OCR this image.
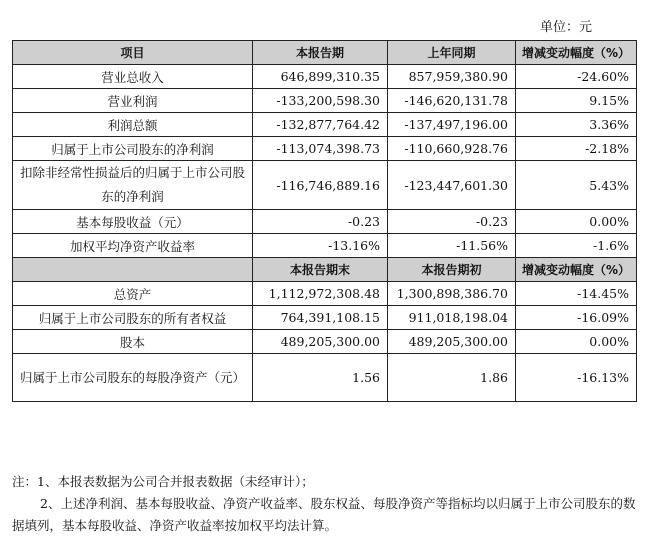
单位：元
项目	本报告期	上年同期	增减变动幅度（%）
营业总收入	646,899,310.35	857,959,380.90	-24.60%
营业利润	-133,200,598.30	-146,620,131.78	9.15%
利润总额	-132,877,764.42	-137,497,196.00	3.36%
归属于上市公司股东的净利润	-113,074,398.73	-110,660,928.76	-2.18%
扣除非经常性损益后的归属于上市公司股东的净利润	-116,746,889.16	-123,447,601.30	5.43%
基本每股收益（元）	-0.23	-0.23	0.00%
加权平均净资产收益率	-13.16%	-11.56%	-1.6%
	本报告期末	本报告期初	增减变动幅度（%）
总资产	1,112,972,308.48	1,300,898,386.70	-14.45%
归属于上市公司股东的所有者权益	764,391,108.15	911,018,198.04	-16.09%
股本	489,205,300.00	489,205,300.00	0.00%
归属于上市公司股东的每股净资产（元）	1.56	1.86	-16.13%

注：1、本报表数据为公司合并报表数据（未经审计）；

2、上述净利润、基本每股收益、净资产收益率、股东权益、每股净资产等指标均以归属于上市公司股东的数据填列，基本每股收益、净资产收益率按加权平均法计算。
